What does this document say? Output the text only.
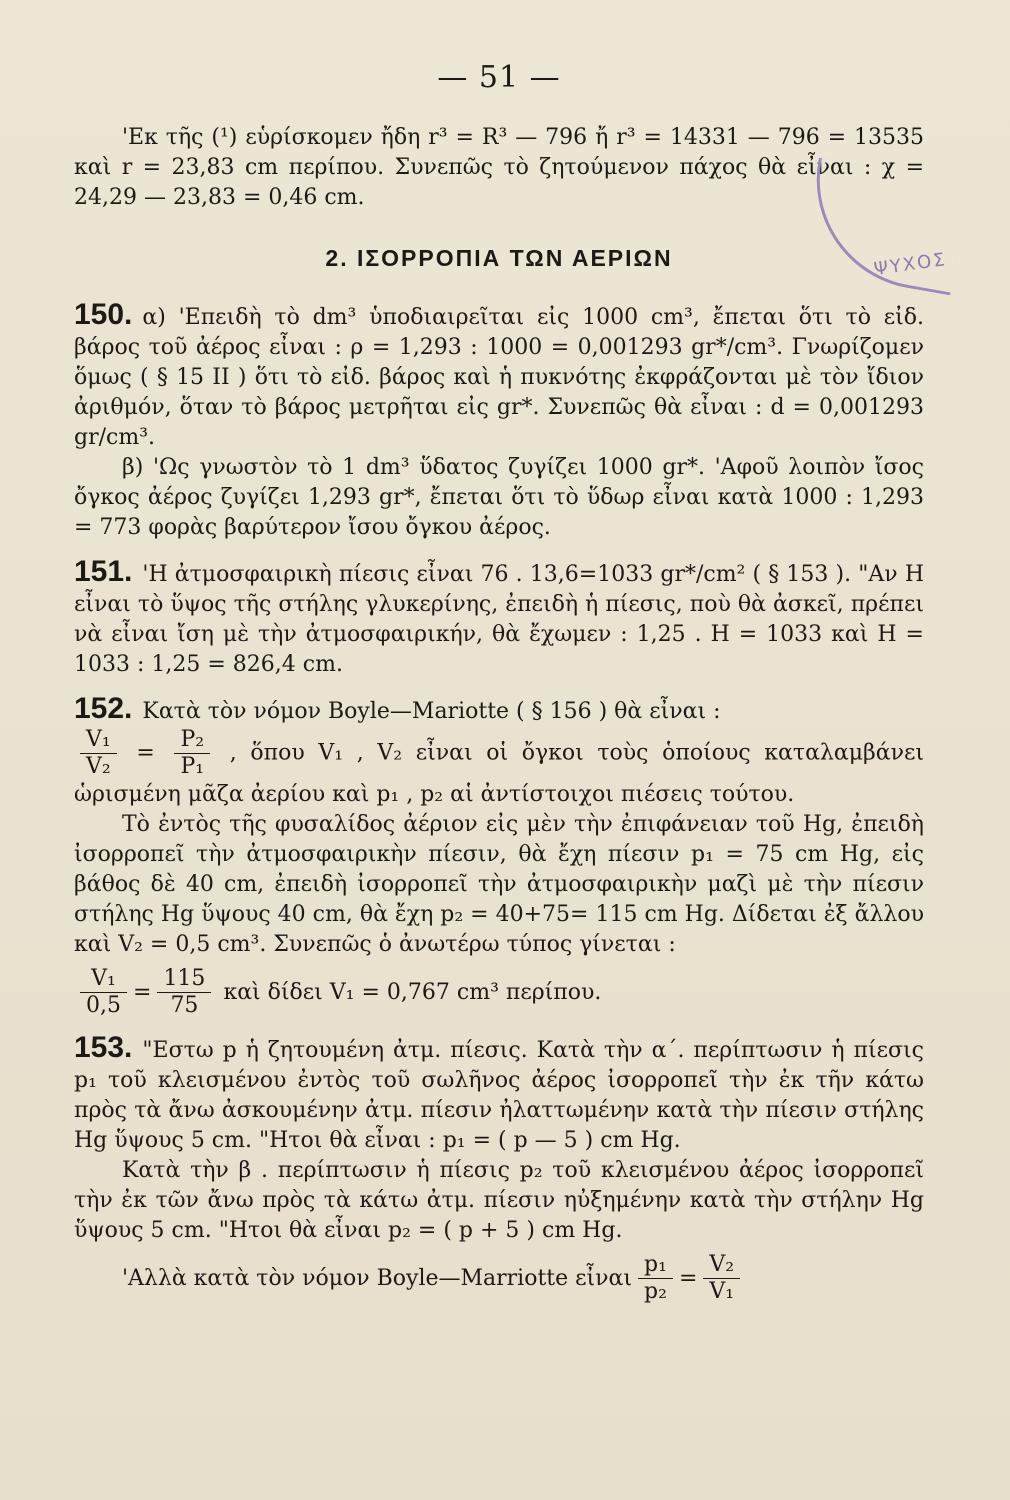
— 51 —

'Εκ τῆς (¹) εὑρίσκομεν ἤδη r³ = R³ — 796 ἤ r³ = 14331 — 796 = 13535 καὶ r = 23,83 cm περίπου. Συνεπῶς τὸ ζητούμενον πάχος θὰ εἶναι : χ = 24,29 — 23,83 = 0,46 cm.

ΨΥΧΟΣ
2. ΙΣΟΡΡΟΠΙΑ ΤΩΝ ΑΕΡΙΩΝ

150. α) 'Επειδὴ τὸ dm³ ὑποδιαιρεῖται εἰς 1000 cm³, ἔπεται ὅτι τὸ εἰδ. βάρος τοῦ ἀέρος εἶναι : ρ = 1,293 : 1000 = 0,001293 gr*/cm³. Γνωρίζομεν ὅμως ( § 15 II ) ὅτι τὸ εἰδ. βάρος καὶ ἡ πυκνότης ἐκφράζονται μὲ τὸν ἴδιον ἀριθμόν, ὅταν τὸ βάρος μετρῆται εἰς gr*. Συνεπῶς θὰ εἶναι : d = 0,001293 gr/cm³.

β) 'Ως γνωστὸν τὸ 1 dm³ ὕδατος ζυγίζει 1000 gr*. 'Αφοῦ λοιπὸν ἴσος ὄγκος ἀέρος ζυγίζει 1,293 gr*, ἔπεται ὅτι τὸ ὕδωρ εἶναι κατὰ 1000 : 1,293 = 773 φορὰς βαρύτερον ἴσου ὄγκου ἀέρος.

151. 'Η ἀτμοσφαιρικὴ πίεσις εἶναι 76 . 13,6=1033 gr*/cm² ( § 153 ). "Αν H εἶναι τὸ ὕψος τῆς στήλης γλυκερίνης, ἐπειδὴ ἡ πίεσις, ποὺ θὰ ἀσκεῖ, πρέπει νὰ εἶναι ἴση μὲ τὴν ἀτμοσφαιρικήν, θὰ ἔχωμεν : 1,25 . H = 1033 καὶ H = 1033 : 1,25 = 826,4 cm.

152. Κατὰ τὸν νόμον Boyle—Mariotte ( § 156 ) θὰ εἶναι :

$\frac{\text{V₁}}{\text{V₂}} = \frac{\text{P₂}}{\text{P₁}}$ , ὅπου V₁ , V₂ εἶναι οἱ ὄγκοι τοὺς ὁποίους καταλαμβάνει ὡρισμένη μᾶζα ἀερίου καὶ p₁ , p₂ αἱ ἀντίστοιχοι πιέσεις τούτου.

Τὸ ἐντὸς τῆς φυσαλίδος ἀέριον εἰς μὲν τὴν ἐπιφάνειαν τοῦ Hg, ἐπειδὴ ἰσορροπεῖ τὴν ἀτμοσφαιρικὴν πίεσιν, θὰ ἔχη πίεσιν p₁ = 75 cm Hg, εἰς βάθος δὲ 40 cm, ἐπειδὴ ἰσορροπεῖ τὴν ἀτμοσφαιρικὴν μαζὶ μὲ τὴν πίεσιν στήλης Hg ὕψους 40 cm, θὰ ἔχη p₂ = 40+75= 115 cm Hg. Δίδεται ἐξ ἄλλου καὶ V₂ = 0,5 cm³. Συνεπῶς ὁ ἀνωτέρω τύπος γίνεται :

$\frac{\text{V₁}}{0,5} = \frac{115}{75}$ καὶ δίδει V₁ = 0,767 cm³ περίπου.

153. "Εστω p ἡ ζητουμένη ἀτμ. πίεσις. Κατὰ τὴν α΄. περίπτωσιν ἡ πίεσις p₁ τοῦ κλεισμένου ἐντὸς τοῦ σωλῆνος ἀέρος ἰσορροπεῖ τὴν ἐκ τῆν κάτω πρὸς τὰ ἄνω ἀσκουμένην ἀτμ. πίεσιν ἠλαττωμένην κατὰ τὴν πίεσιν στήλης Hg ὕψους 5 cm. "Ητοι θὰ εἶναι : p₁ = ( p — 5 ) cm Hg.

Κατὰ τὴν β . περίπτωσιν ἡ πίεσις p₂ τοῦ κλεισμένου ἀέρος ἰσορροπεῖ τὴν ἐκ τῶν ἄνω πρὸς τὰ κάτω ἀτμ. πίεσιν ηὐξημένην κατὰ τὴν στήλην Hg ὕψους 5 cm. "Ητοι θὰ εἶναι p₂ = ( p + 5 ) cm Hg.

'Αλλὰ κατὰ τὸν νόμον Boyle—Marriotte εἶναι $\frac{\text{p₁}}{\text{p₂}} = \frac{\text{V₂}}{\text{V₁}}$
